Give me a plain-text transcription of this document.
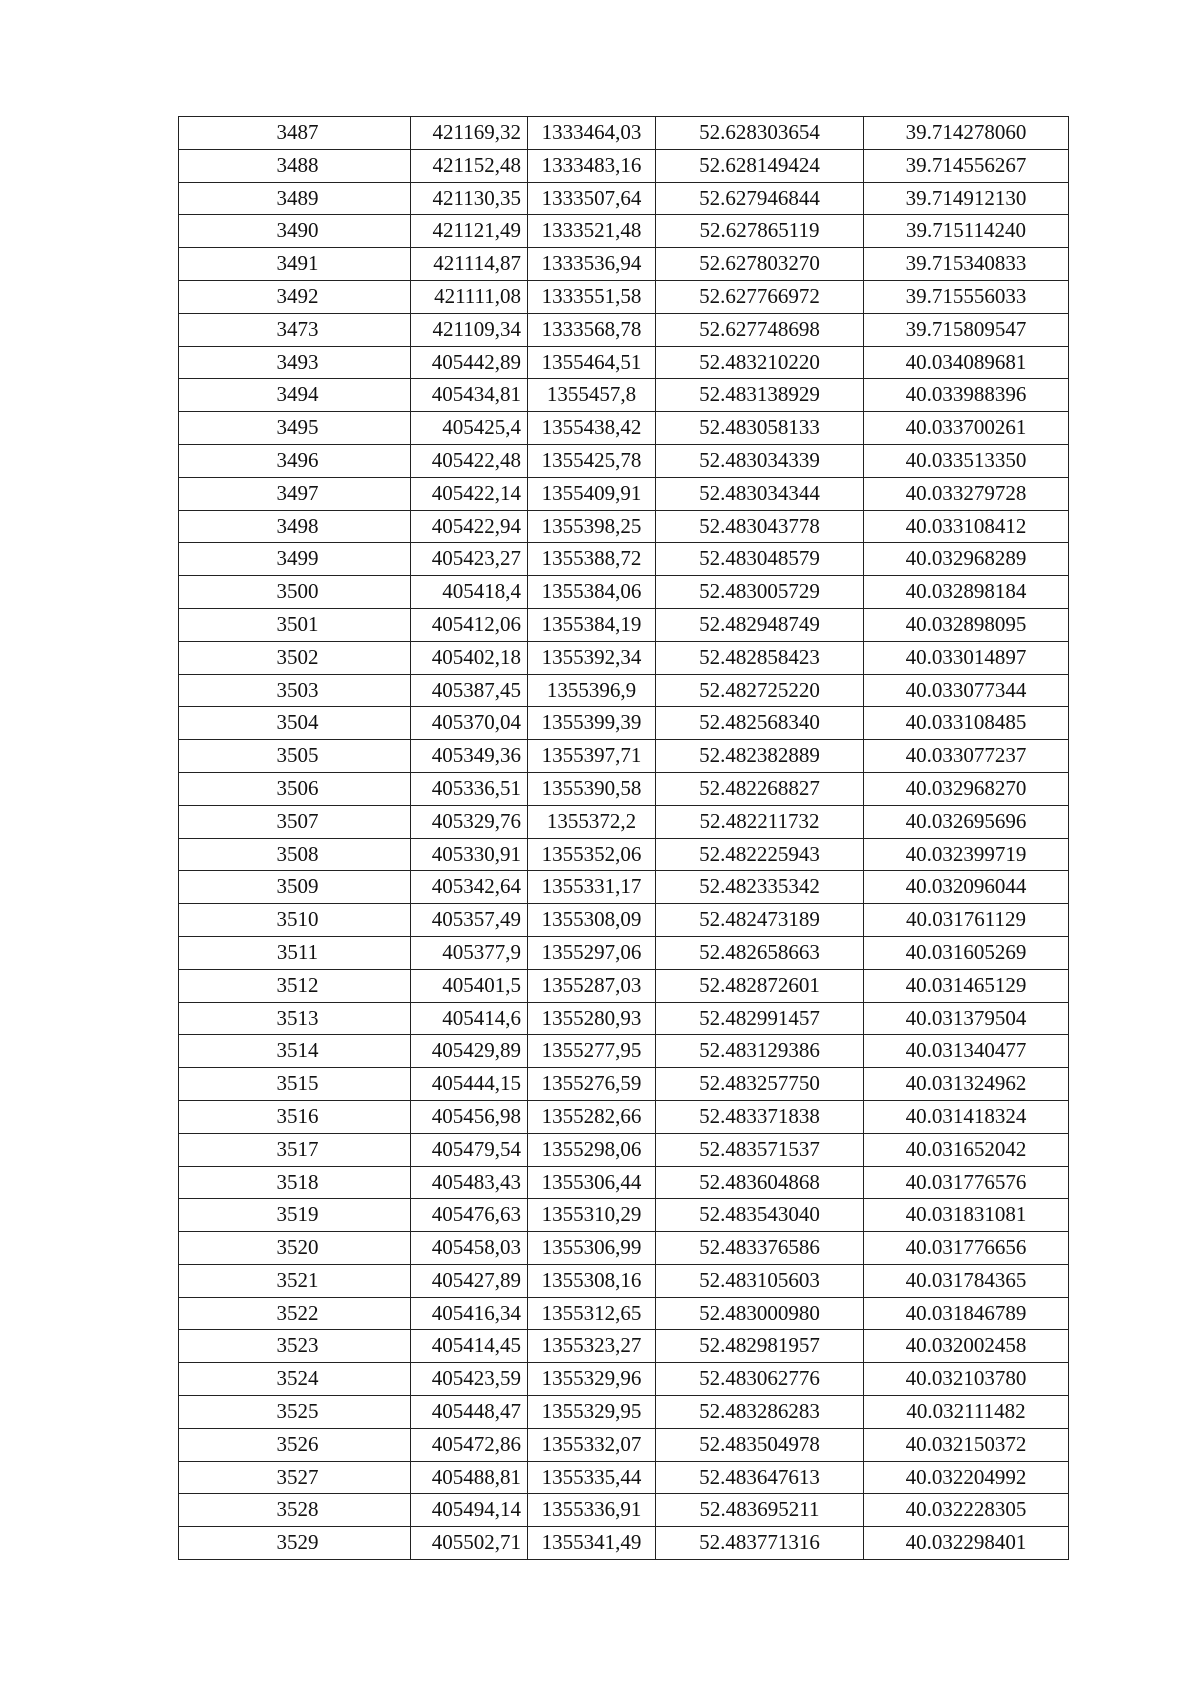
3487	421169,32	1333464,03	52.628303654	39.714278060
3488	421152,48	1333483,16	52.628149424	39.714556267
3489	421130,35	1333507,64	52.627946844	39.714912130
3490	421121,49	1333521,48	52.627865119	39.715114240
3491	421114,87	1333536,94	52.627803270	39.715340833
3492	421111,08	1333551,58	52.627766972	39.715556033
3473	421109,34	1333568,78	52.627748698	39.715809547
3493	405442,89	1355464,51	52.483210220	40.034089681
3494	405434,81	1355457,8	52.483138929	40.033988396
3495	405425,4	1355438,42	52.483058133	40.033700261
3496	405422,48	1355425,78	52.483034339	40.033513350
3497	405422,14	1355409,91	52.483034344	40.033279728
3498	405422,94	1355398,25	52.483043778	40.033108412
3499	405423,27	1355388,72	52.483048579	40.032968289
3500	405418,4	1355384,06	52.483005729	40.032898184
3501	405412,06	1355384,19	52.482948749	40.032898095
3502	405402,18	1355392,34	52.482858423	40.033014897
3503	405387,45	1355396,9	52.482725220	40.033077344
3504	405370,04	1355399,39	52.482568340	40.033108485
3505	405349,36	1355397,71	52.482382889	40.033077237
3506	405336,51	1355390,58	52.482268827	40.032968270
3507	405329,76	1355372,2	52.482211732	40.032695696
3508	405330,91	1355352,06	52.482225943	40.032399719
3509	405342,64	1355331,17	52.482335342	40.032096044
3510	405357,49	1355308,09	52.482473189	40.031761129
3511	405377,9	1355297,06	52.482658663	40.031605269
3512	405401,5	1355287,03	52.482872601	40.031465129
3513	405414,6	1355280,93	52.482991457	40.031379504
3514	405429,89	1355277,95	52.483129386	40.031340477
3515	405444,15	1355276,59	52.483257750	40.031324962
3516	405456,98	1355282,66	52.483371838	40.031418324
3517	405479,54	1355298,06	52.483571537	40.031652042
3518	405483,43	1355306,44	52.483604868	40.031776576
3519	405476,63	1355310,29	52.483543040	40.031831081
3520	405458,03	1355306,99	52.483376586	40.031776656
3521	405427,89	1355308,16	52.483105603	40.031784365
3522	405416,34	1355312,65	52.483000980	40.031846789
3523	405414,45	1355323,27	52.482981957	40.032002458
3524	405423,59	1355329,96	52.483062776	40.032103780
3525	405448,47	1355329,95	52.483286283	40.032111482
3526	405472,86	1355332,07	52.483504978	40.032150372
3527	405488,81	1355335,44	52.483647613	40.032204992
3528	405494,14	1355336,91	52.483695211	40.032228305
3529	405502,71	1355341,49	52.483771316	40.032298401
